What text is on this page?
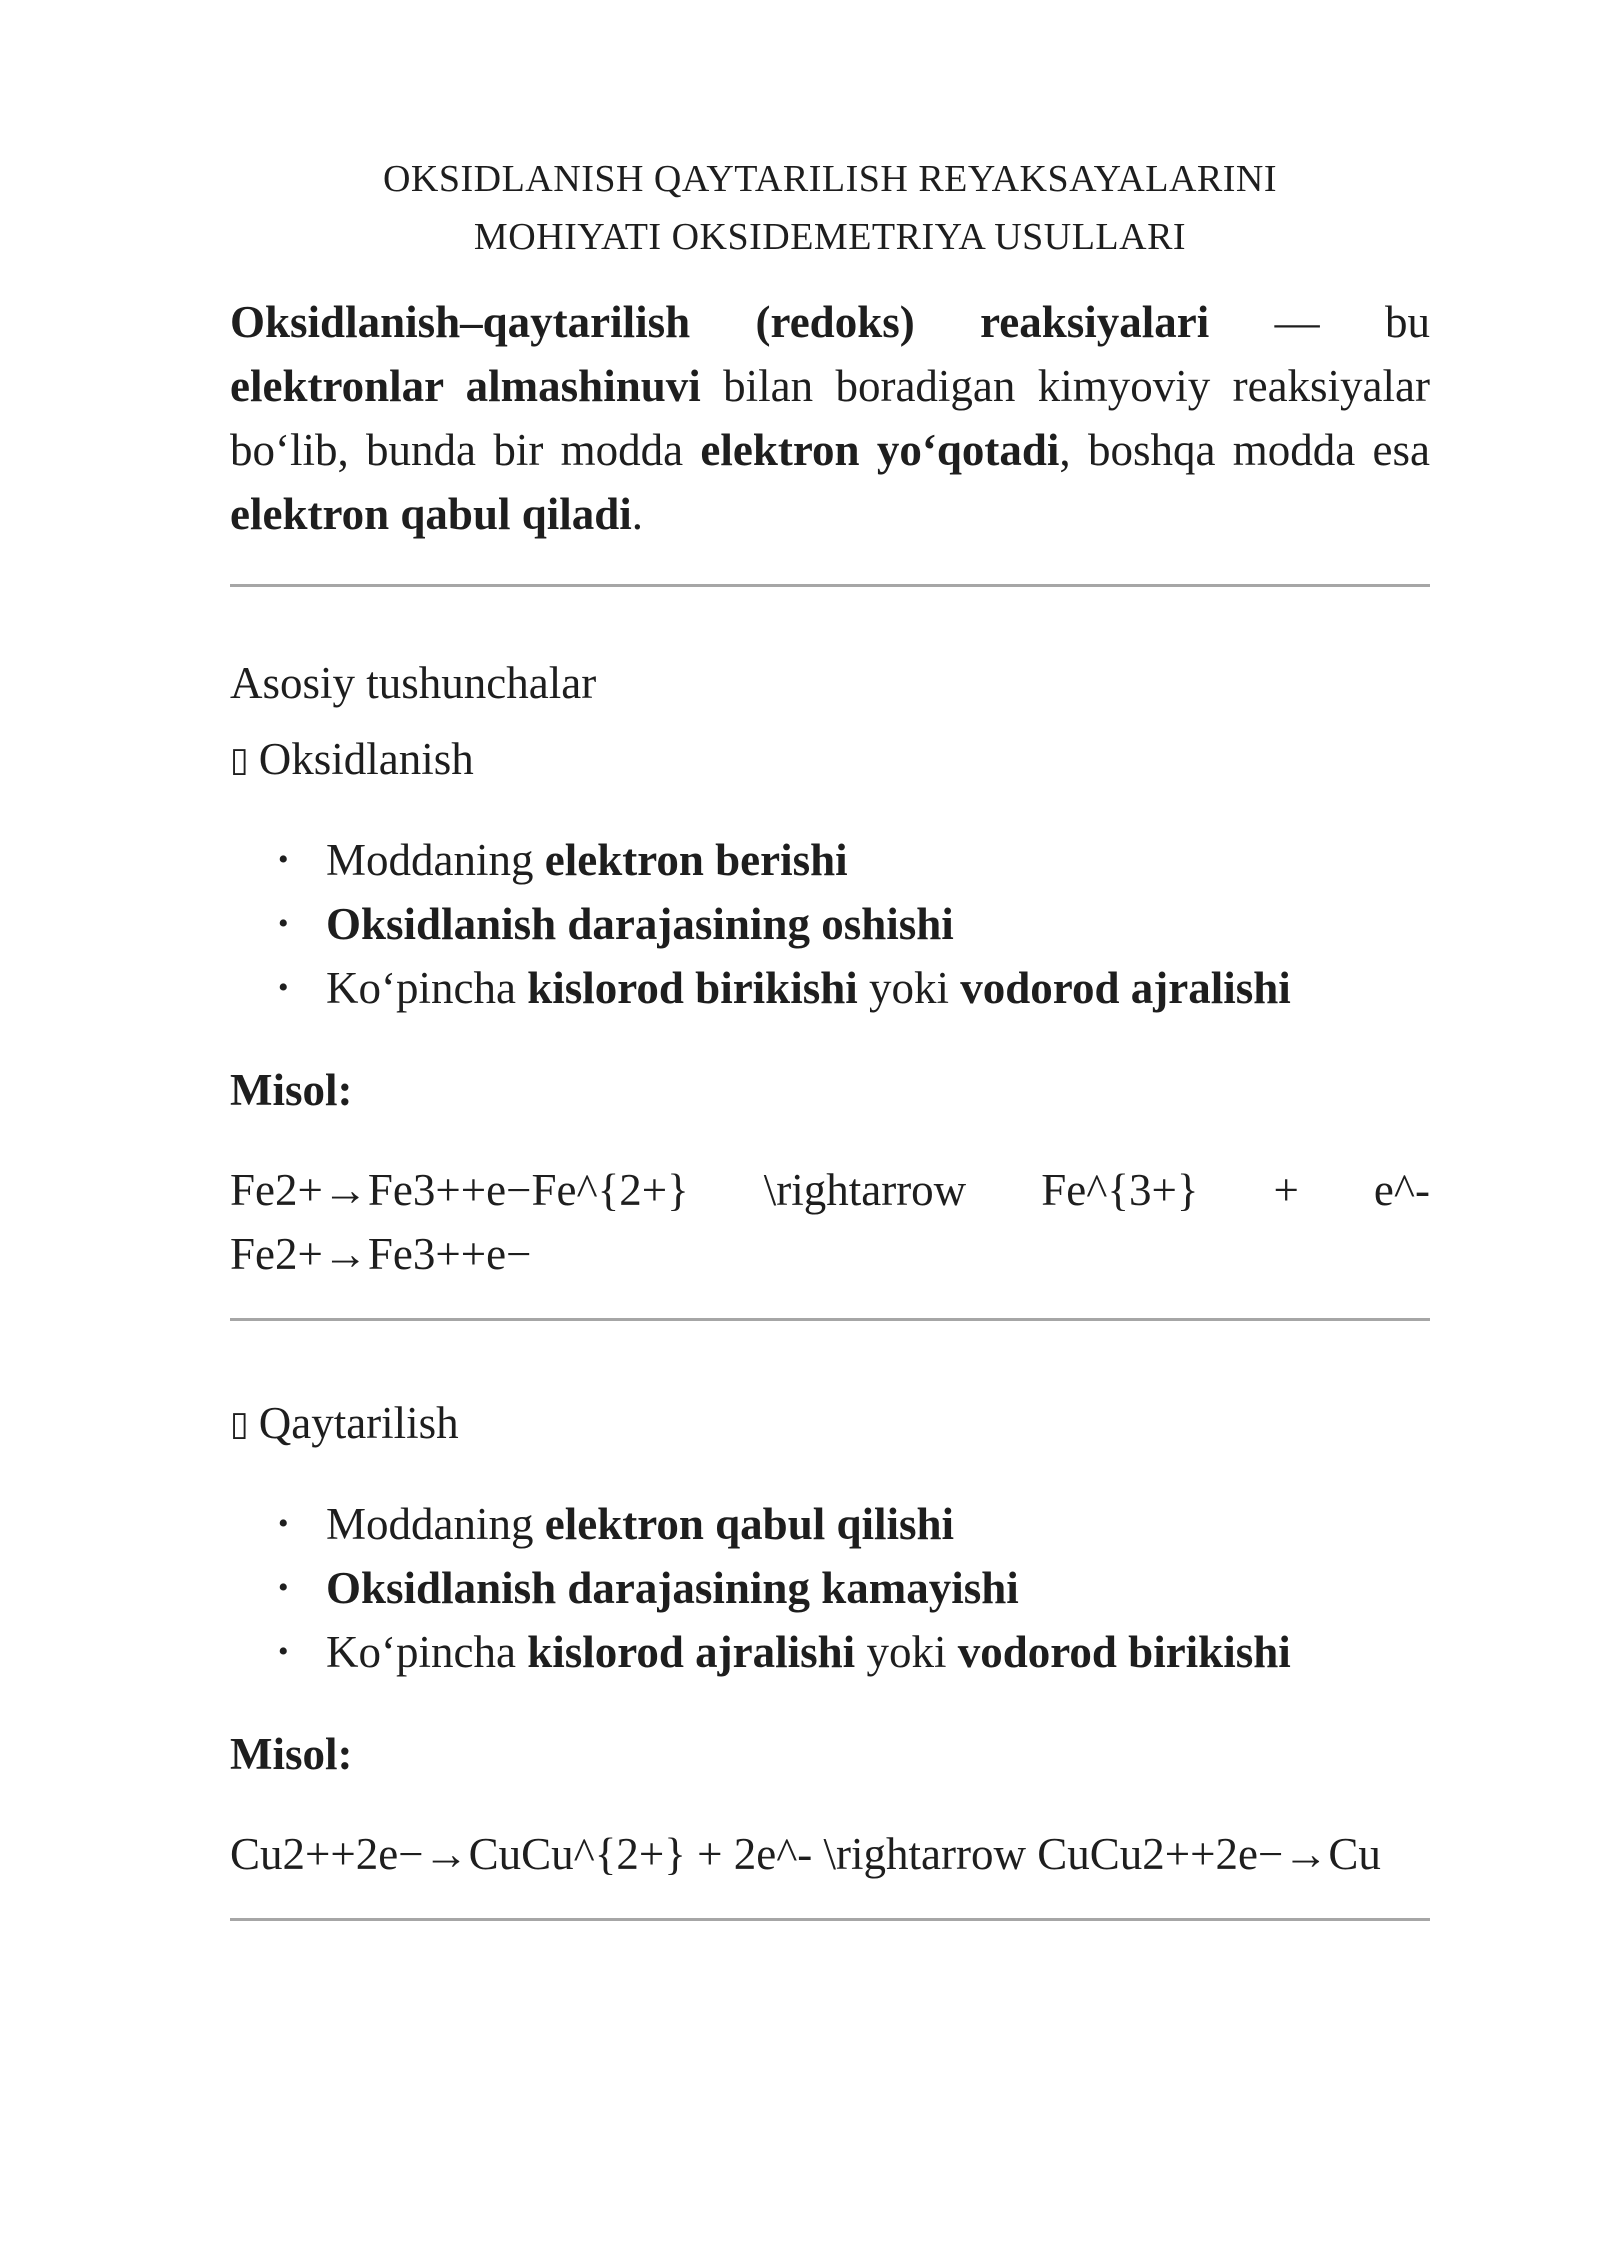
OKSIDLANISH QAYTARILISH REYAKSAYALARINI
MOHIYATI OKSIDEMETRIYA USULLARI

Oksidlanish–qaytarilish (redoks) reaksiyalari — bu elektronlar almashinuvi bilan boradigan kimyoviy reaksiyalar bo‘lib, bunda bir modda elektron yo‘qotadi, boshqa modda esa elektron qabul qiladi.

Asosiy tushunchalar
▯ Oksidlanish
• Moddaning elektron berishi
• Oksidlanish darajasining oshishi
• Ko‘pincha kislorod birikishi yoki vodorod ajralishi
Misol:

Fe2+→Fe3++e−Fe^{2+} \rightarrow Fe^{3+} + e^- Fe2+→Fe3++e−

▯ Qaytarilish
• Moddaning elektron qabul qilishi
• Oksidlanish darajasining kamayishi
• Ko‘pincha kislorod ajralishi yoki vodorod birikishi
Misol:

Cu2++2e−→CuCu^{2+} + 2e^- \rightarrow CuCu2++2e−→Cu
